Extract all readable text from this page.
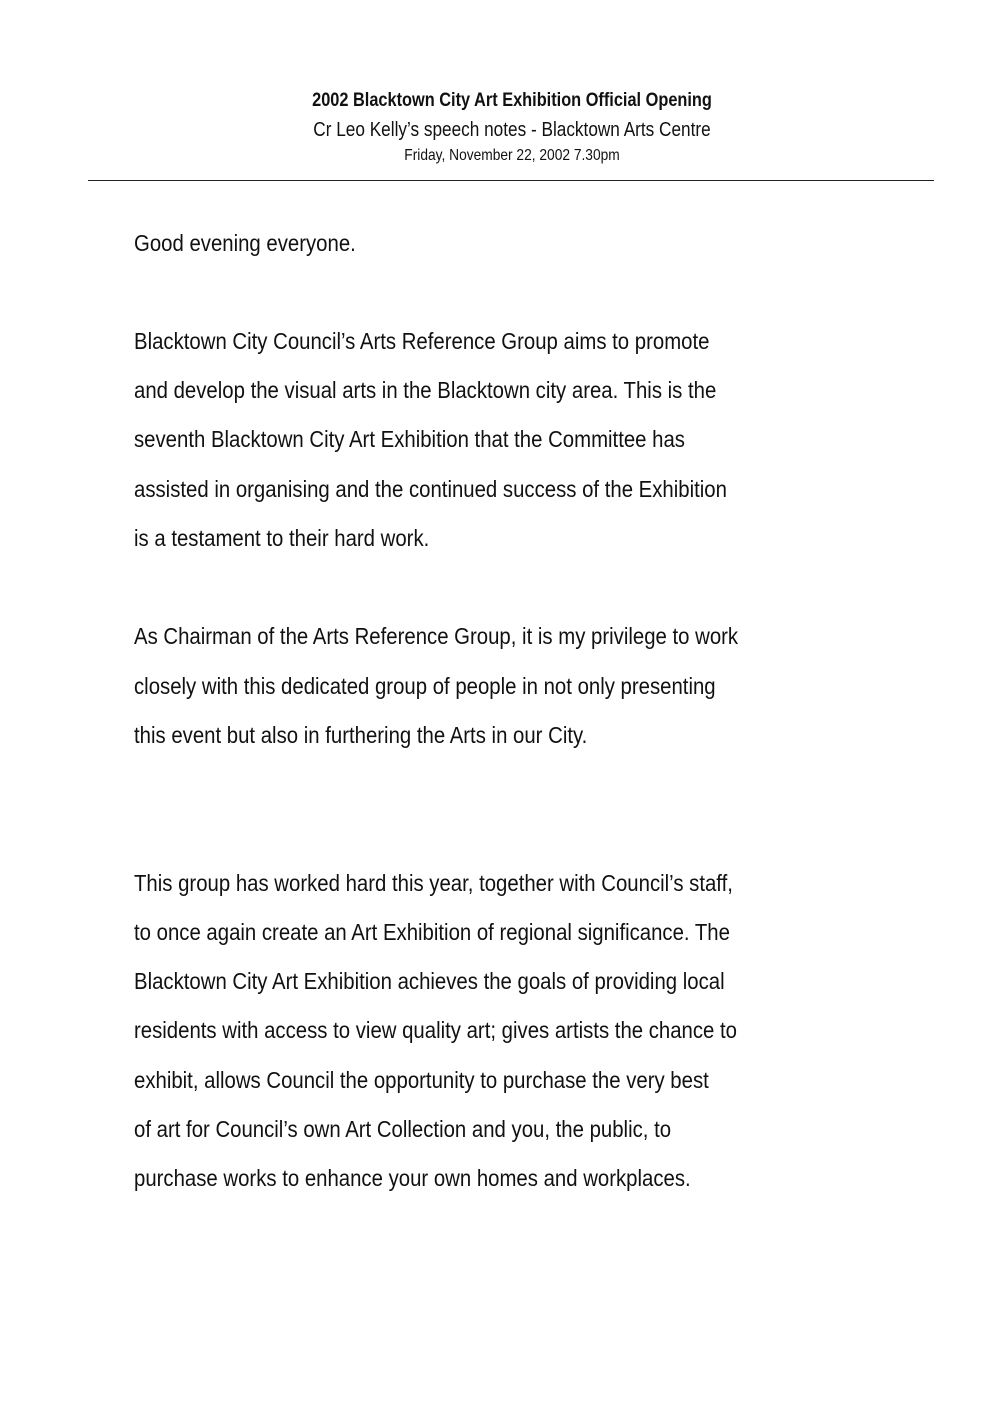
2002 Blacktown City Art Exhibition Official Opening
Cr Leo Kelly’s speech notes - Blacktown Arts Centre
Friday, November 22, 2002 7.30pm
Good evening everyone.
Blacktown City Council’s Arts Reference Group aims to promote
and develop the visual arts in the Blacktown city area. This is the
seventh Blacktown City Art Exhibition that the Committee has
assisted in organising and the continued success of the Exhibition
is a testament to their hard work.
As Chairman of the Arts Reference Group, it is my privilege to work
closely with this dedicated group of people in not only presenting
this event but also in furthering the Arts in our City.
This group has worked hard this year, together with Council’s staff,
to once again create an Art Exhibition of regional significance. The
Blacktown City Art Exhibition achieves the goals of providing local
residents with access to view quality art; gives artists the chance to
exhibit, allows Council the opportunity to purchase the very best
of art for Council’s own Art Collection and you, the public, to
purchase works to enhance your own homes and workplaces.
